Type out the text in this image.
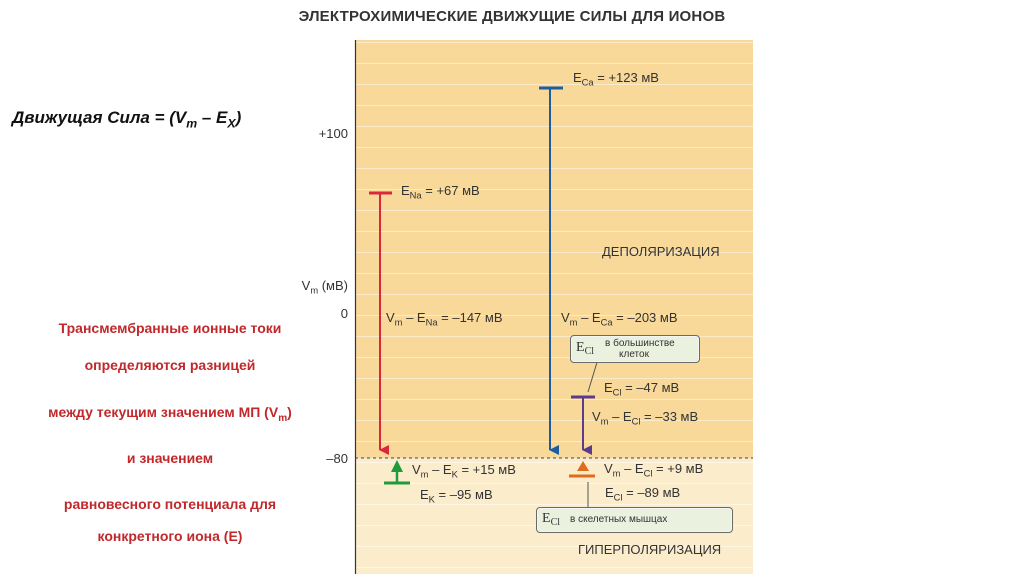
ЭЛЕКТРОХИМИЧЕСКИЕ ДВИЖУЩИЕ СИЛЫ ДЛЯ ИОНОВ
Движущая Сила = $(V_m - E_X)$
Трансмембранные ионные токи
определяются разницей
между текущим значением МП $(V_m)$
и значением
равновесного потенциала для
конкретного иона (Е)
+100
0
–80
$V_m$ (мВ)
ДЕПОЛЯРИЗАЦИЯ
ГИПЕРПОЛЯРИЗАЦИЯ
$E_{Ca} = +123$ мВ
$E_{Na} = +67$ мВ
$V_m - E_{Na} = -147$ мВ	$V_m - E_{Ca} = -203$ мВ
$E_{Cl} = -47$ мВ
$V_m - E_{Cl} = -33$ мВ
$V_m - E_K = +15$ мВ
$E_K = -95$ мВ
$V_m - E_{Cl} = +9$ мВ
$E_{Cl} = -89$ мВ
$E_{Cl}$
в большинстве
клеток
$E_{Cl}$ в скелетных мышцах
